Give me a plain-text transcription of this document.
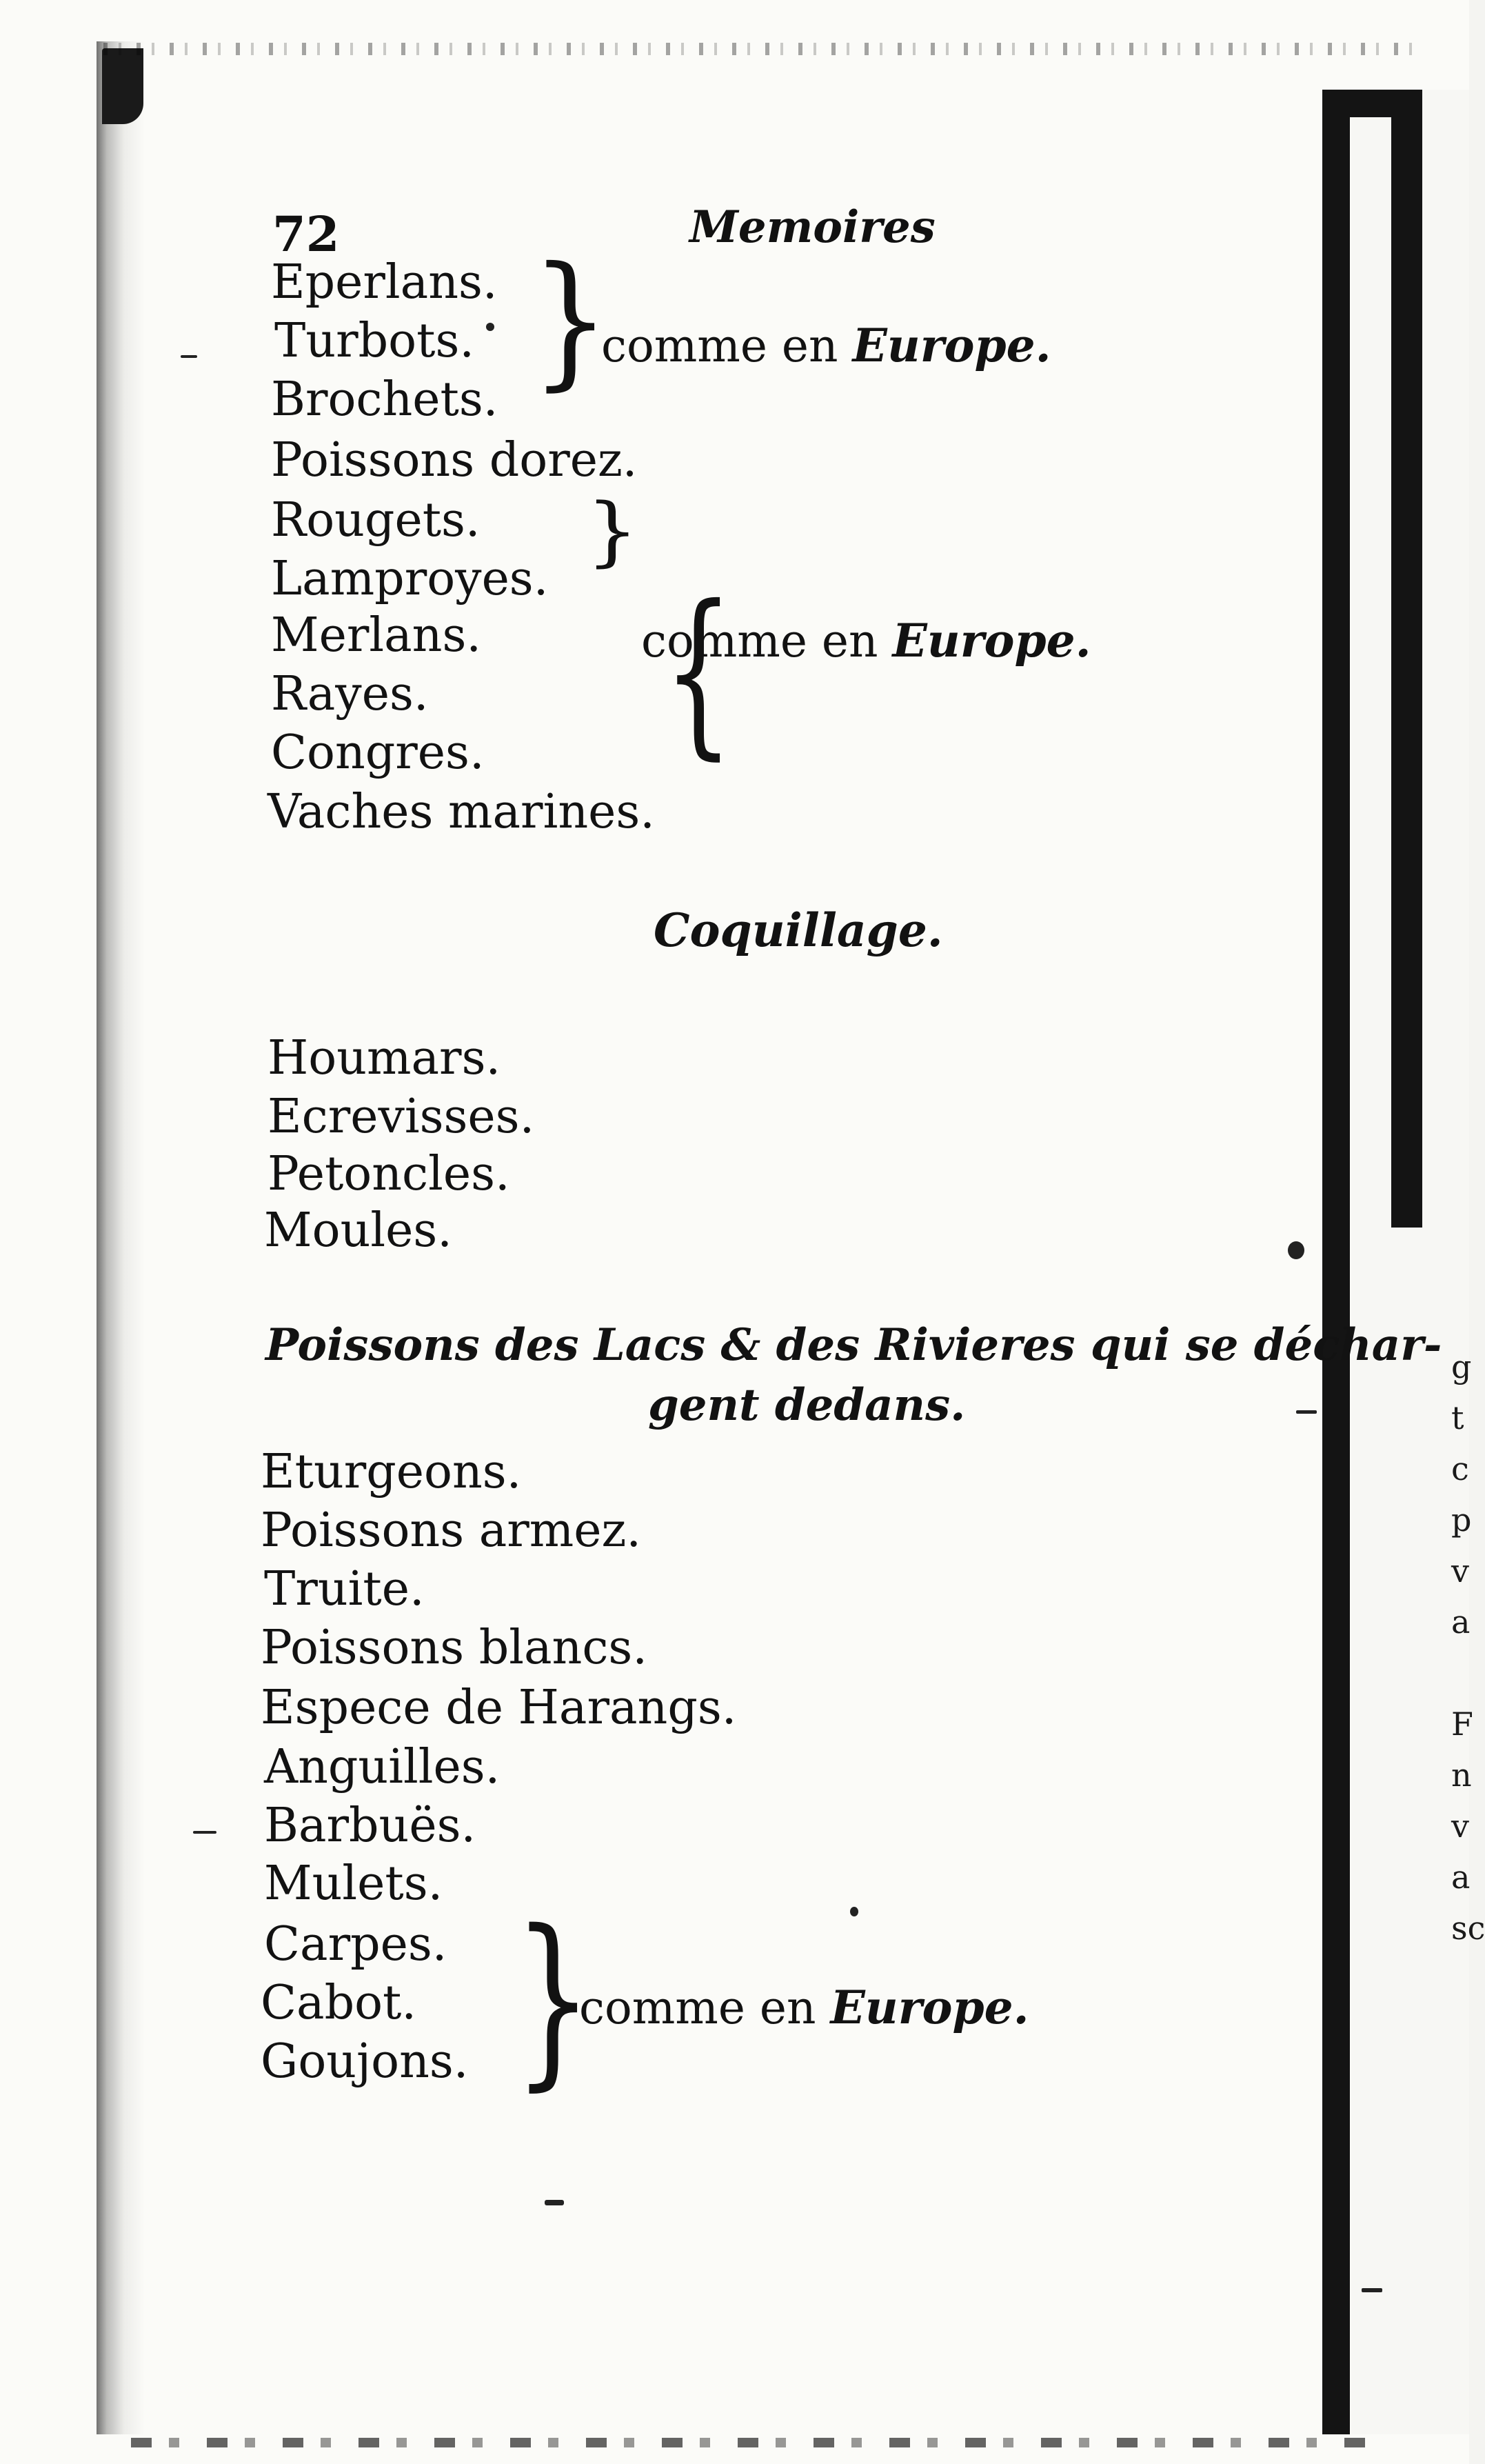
g
t
c
p
v
a
F
n
v
a
sc
72	Memoires
Eperlans.
Turbots.
Brochets.
Poissons dorez.
Rougets.
Lamproyes.
Merlans.
Rayes.
Congres.
Vaches marines.
}
comme en Europe.
}
}
comme en Europe.
Coquillage.
Houmars.
Ecrevisses.
Petoncles.
Moules.
Poissons des Lacs & des Rivieres qui se déchar-
gent dedans.
Eturgeons.
Poissons armez.
Truite.
Poissons blancs.
Espece de Harangs.
Anguilles.
Barbuës.
Mulets.
Carpes.
Cabot.
Goujons. }
comme en Europe.
